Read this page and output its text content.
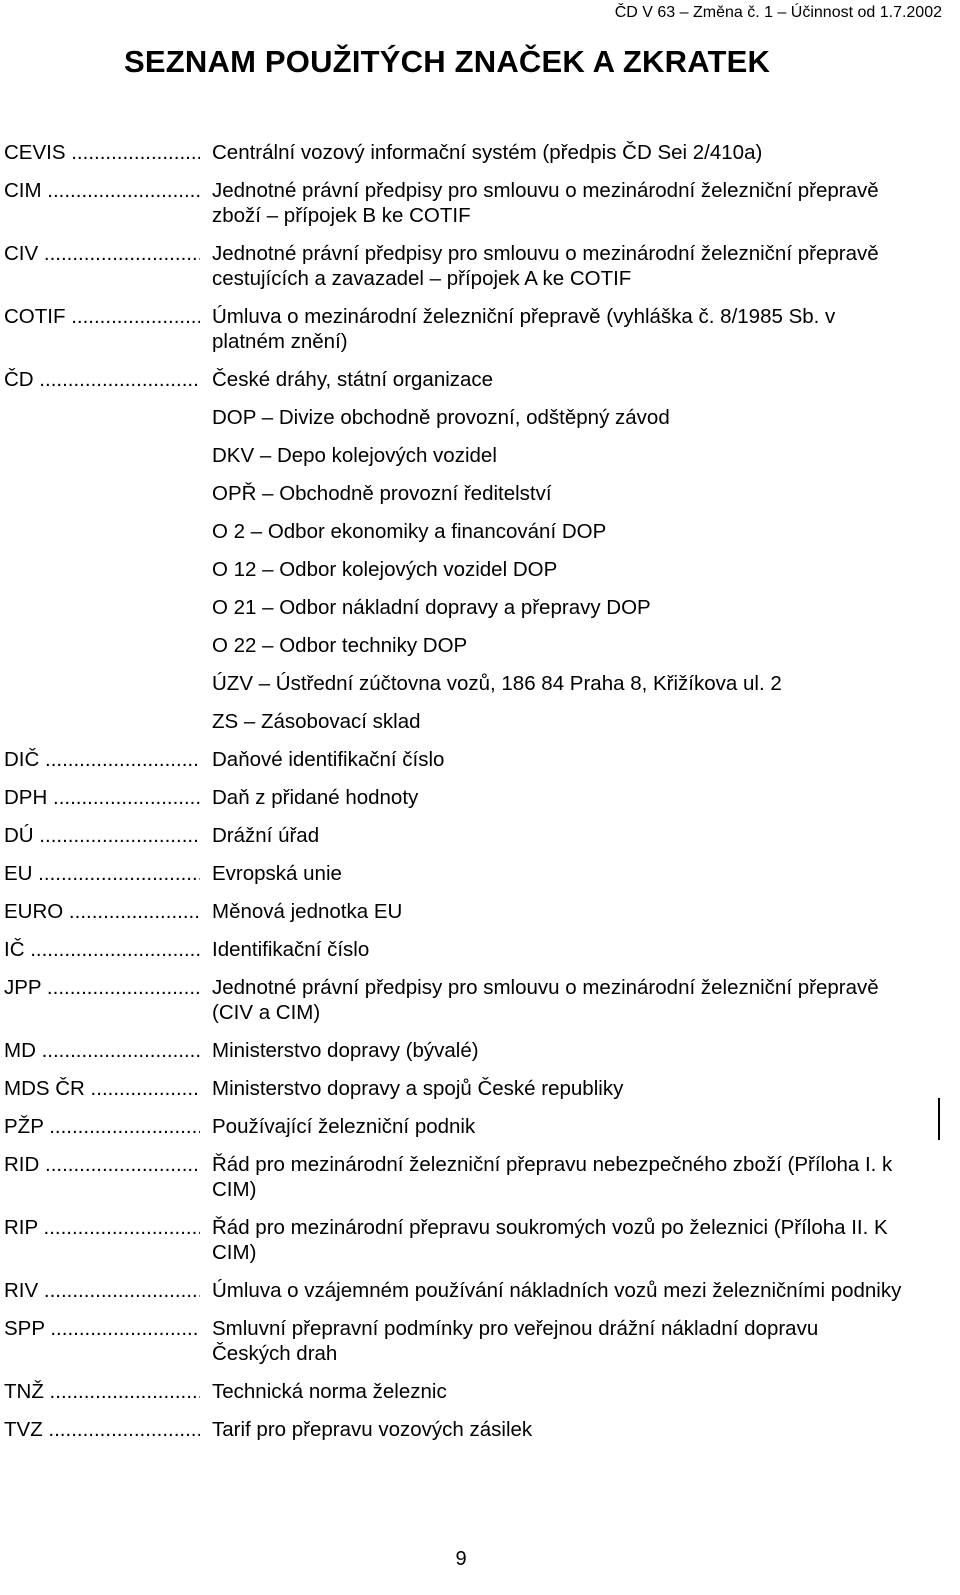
ČD V 63 – Změna č. 1 – Účinnost od 1.7.2002
SEZNAM POUŽITÝCH ZNAČEK A ZKRATEK
CEVIS .....	Centrální vozový informační systém (předpis ČD Sei 2/410a)
CIM .....	Jednotné právní předpisy pro smlouvu o mezinárodní železniční přepravě zboží – přípojek B ke COTIF
CIV .....	Jednotné právní předpisy pro smlouvu o mezinárodní železniční přepravě cestujících a zavazadel – přípojek A ke COTIF
COTIF .....	Úmluva o mezinárodní železniční přepravě (vyhláška č. 8/1985 Sb. v platném znění)
ČD .....	České dráhy, státní organizace
DOP – Divize obchodně provozní, odštěpný závod
DKV – Depo kolejových vozidel
OPŘ – Obchodně provozní ředitelství
O 2 – Odbor ekonomiky a financování DOP
O 12 – Odbor kolejových vozidel DOP
O 21 – Odbor nákladní dopravy a přepravy DOP
O 22 – Odbor techniky DOP
ÚZV – Ústřední zúčtovna vozů, 186 84 Praha 8, Křižíkova ul. 2
ZS – Zásobovací sklad
DIČ .....	Daňové identifikační číslo
DPH .....	Daň z přidané hodnoty
DÚ .....	Drážní úřad
EU .....	Evropská unie
EURO .....	Měnová jednotka EU
IČ .....	Identifikační číslo
JPP .....	Jednotné právní předpisy pro smlouvu o mezinárodní železniční přepravě (CIV a CIM)
MD .....	Ministerstvo dopravy (bývalé)
MDS ČR .....	Ministerstvo dopravy a spojů České republiky
PŽP .....	Používající železniční podnik
RID .....	Řád pro mezinárodní železniční přepravu nebezpečného zboží (Příloha I. k CIM)
RIP .....	Řád pro mezinárodní přepravu soukromých vozů po železnici (Příloha II. K CIM)
RIV .....	Úmluva o vzájemném používání nákladních vozů mezi železničními podniky
SPP .....	Smluvní přepravní podmínky pro veřejnou drážní nákladní dopravu Českých drah
TNŽ .....	Technická norma železnic
TVZ .....	Tarif pro přepravu vozových zásilek
9
